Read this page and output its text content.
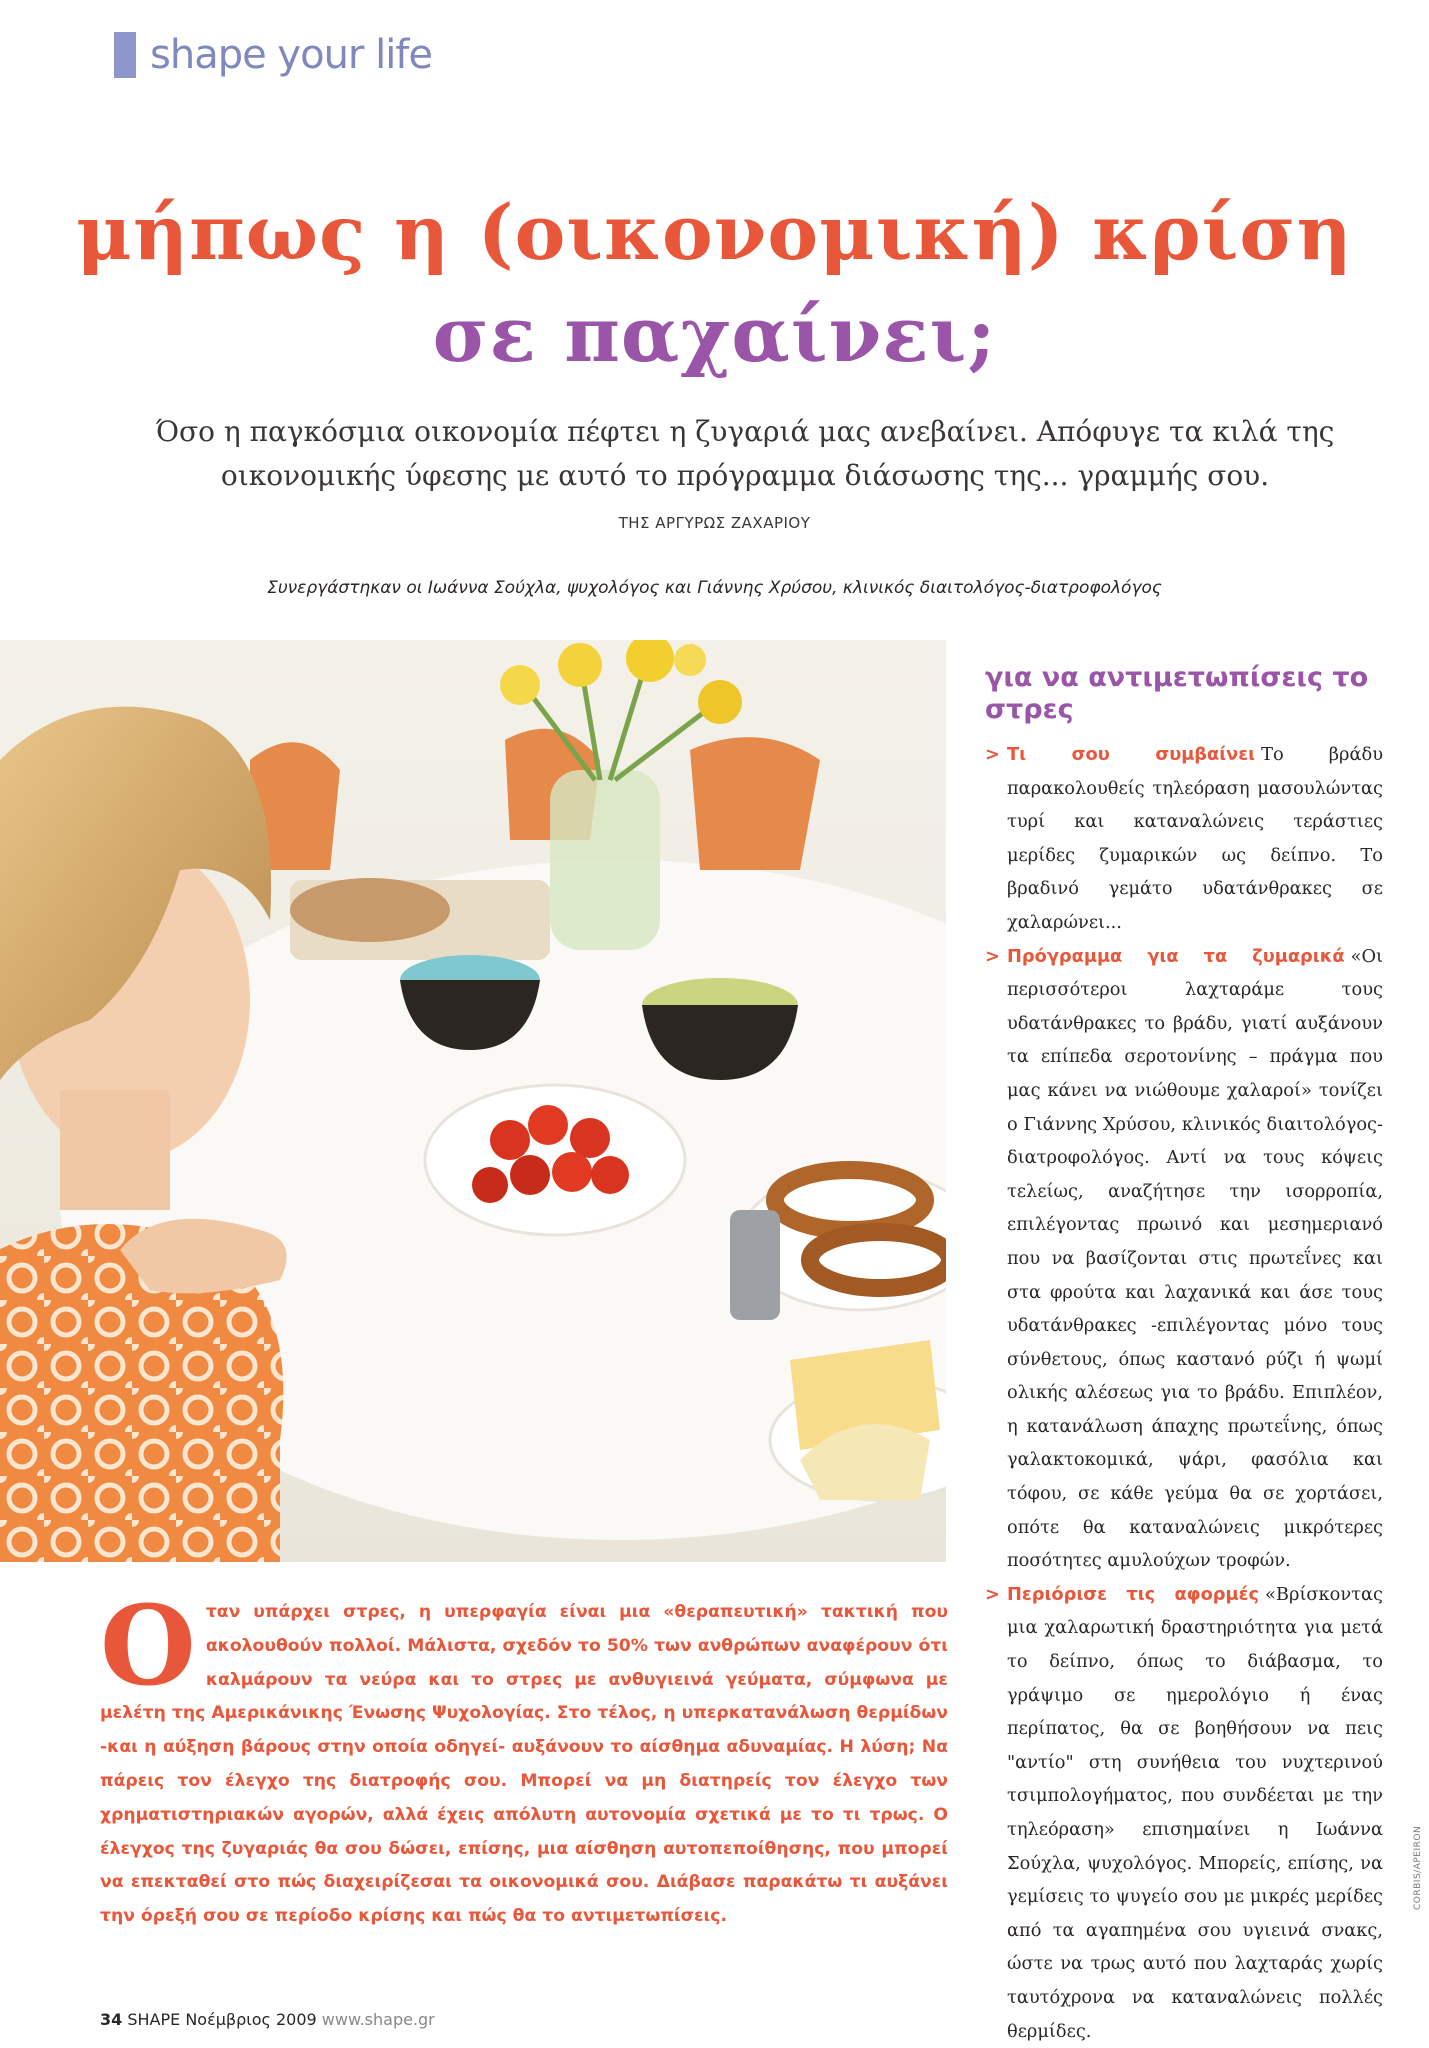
shape your life
μήπως η (οικονομική) κρίση
σε παχαίνει;
Όσο η παγκόσμια οικονομία πέφτει η ζυγαριά μας ανεβαίνει. Απόφυγε τα κιλά της
οικονομικής ύφεσης με αυτό το πρόγραμμα διάσωσης της... γραμμής σου.
ΤΗΣ ΑΡΓΥΡΩΣ ΖΑΧΑΡΙΟΥ
Συνεργάστηκαν οι Ιωάννα Σούχλα, ψυχολόγος και Γιάννης Χρύσου, κλινικός διαιτολόγος-διατροφολόγος
για να αντιμετωπίσεις το στρες
> Τι σου συμβαίνει Το βράδυ παρακολουθείς τηλεόραση μασουλώντας τυρί και καταναλώνεις τεράστιες μερίδες ζυμαρικών ως δείπνο. Το βραδινό γεμάτο υδατάνθρακες σε χαλαρώνει...
> Πρόγραμμα για τα ζυμαρικά «Οι περισσότεροι λαχταράμε τους υδατάνθρακες το βράδυ, γιατί αυξάνουν τα επίπεδα σεροτονίνης – πράγμα που μας κάνει να νιώθουμε χαλαροί» τονίζει ο Γιάννης Χρύσου, κλινικός διαιτολόγος-διατροφολόγος. Αντί να τους κόψεις τελείως, αναζήτησε την ισορροπία, επιλέγοντας πρωινό και μεσημεριανό που να βασίζονται στις πρωτεΐνες και στα φρούτα και λαχανικά και άσε τους υδατάνθρακες -επιλέγοντας μόνο τους σύνθετους, όπως καστανό ρύζι ή ψωμί ολικής αλέσεως για το βράδυ. Επιπλέον, η κατανάλωση άπαχης πρωτεΐνης, όπως γαλακτοκομικά, ψάρι, φασόλια και τόφου, σε κάθε γεύμα θα σε χορτάσει, οπότε θα καταναλώνεις μικρότερες ποσότητες αμυλούχων τροφών.
> Περιόρισε τις αφορμές «Βρίσκοντας μια χαλαρωτική δραστηριότητα για μετά το δείπνο, όπως το διάβασμα, το γράψιμο σε ημερολόγιο ή ένας περίπατος, θα σε βοηθήσουν να πεις "αντίο" στη συνήθεια του νυχτερινού τσιμπολογήματος, που συνδέεται με την τηλεόραση» επισημαίνει η Ιωάννα Σούχλα, ψυχολόγος. Μπορείς, επίσης, να γεμίσεις το ψυγείο σου με μικρές μερίδες από τα αγαπημένα σου υγιεινά σνακς, ώστε να τρως αυτό που λαχταράς χωρίς ταυτόχρονα να καταναλώνεις πολλές θερμίδες.
Οταν υπάρχει στρες, η υπερφαγία είναι μια «θεραπευτική» τακτική που ακολουθούν πολλοί. Μάλιστα, σχεδόν το 50% των ανθρώπων αναφέρουν ότι καλμάρουν τα νεύρα και το στρες με ανθυγιεινά γεύματα, σύμφωνα με μελέτη της Αμερικάνικης Ένωσης Ψυχολογίας. Στο τέλος, η υπερκατανάλωση θερμίδων -και η αύξηση βάρους στην οποία οδηγεί- αυξάνουν το αίσθημα αδυναμίας. Η λύση; Να πάρεις τον έλεγχο της διατροφής σου. Μπορεί να μη διατηρείς τον έλεγχο των χρηματιστηριακών αγορών, αλλά έχεις απόλυτη αυτονομία σχετικά με το τι τρως. Ο έλεγχος της ζυγαριάς θα σου δώσει, επίσης, μια αίσθηση αυτοπεποίθησης, που μπορεί να επεκταθεί στο πώς διαχειρίζεσαι τα οικονομικά σου. Διάβασε παρακάτω τι αυξάνει την όρεξή σου σε περίοδο κρίσης και πώς θα το αντιμετωπίσεις.
34 SHAPE Νοέμβριος 2009 www.shape.gr
CORBIS/APEIRON
